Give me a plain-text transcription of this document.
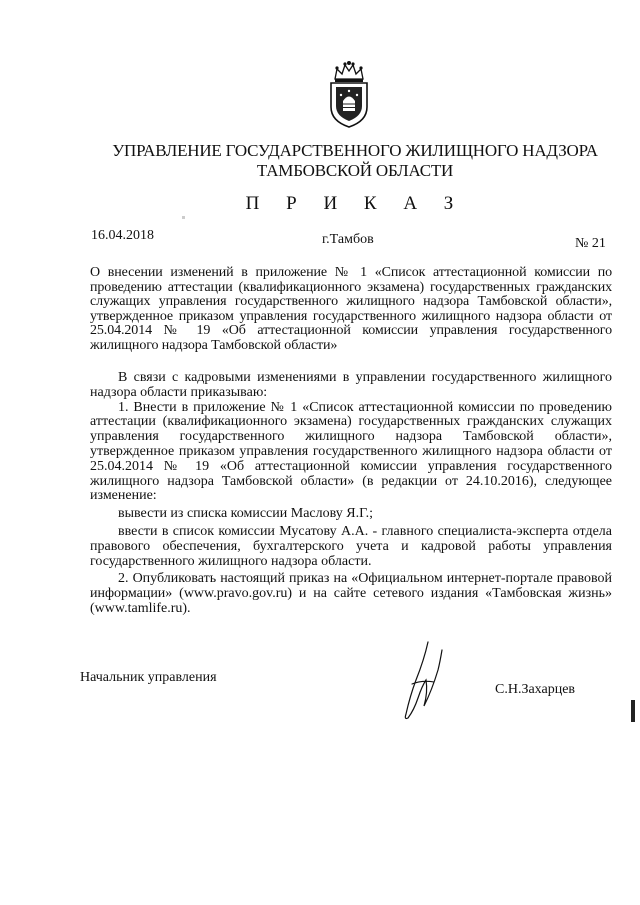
УПРАВЛЕНИЕ ГОСУДАРСТВЕННОГО ЖИЛИЩНОГО НАДЗОРА
ТАМБОВСКОЙ ОБЛАСТИ
П Р И К А З
16.04.2018	г.Тамбов	№ 21
О внесении изменений в приложение № 1 «Список аттестационной комиссии по проведению аттестации (квалификационного экзамена) государственных гражданских служащих управления государственного жилищного надзора Тамбовской области», утвержденное приказом управления государственного жилищного надзора области от 25.04.2014 № 19 «Об аттестационной комиссии управления государственного жилищного надзора Тамбовской области»

В связи с кадровыми изменениями в управлении государственного жилищного надзора области приказываю:

1. Внести в приложение № 1 «Список аттестационной комиссии по проведению аттестации (квалификационного экзамена) государственных гражданских служащих управления государственного жилищного надзора Тамбовской области», утвержденное приказом управления государственного жилищного надзора области от 25.04.2014 № 19 «Об аттестационной комиссии управления государственного жилищного надзора Тамбовской области» (в редакции от 24.10.2016), следующее изменение:

вывести из списка комиссии Маслову Я.Г.;

ввести в список комиссии Мусатову А.А. - главного специалиста-эксперта отдела правового обеспечения, бухгалтерского учета и кадровой работы управления государственного жилищного надзора области.

2. Опубликовать настоящий приказ на «Официальном интернет-портале правовой информации» (www.pravo.gov.ru) и на сайте сетевого издания «Тамбовская жизнь» (www.tamlife.ru).

Начальник управления
С.Н.Захарцев
